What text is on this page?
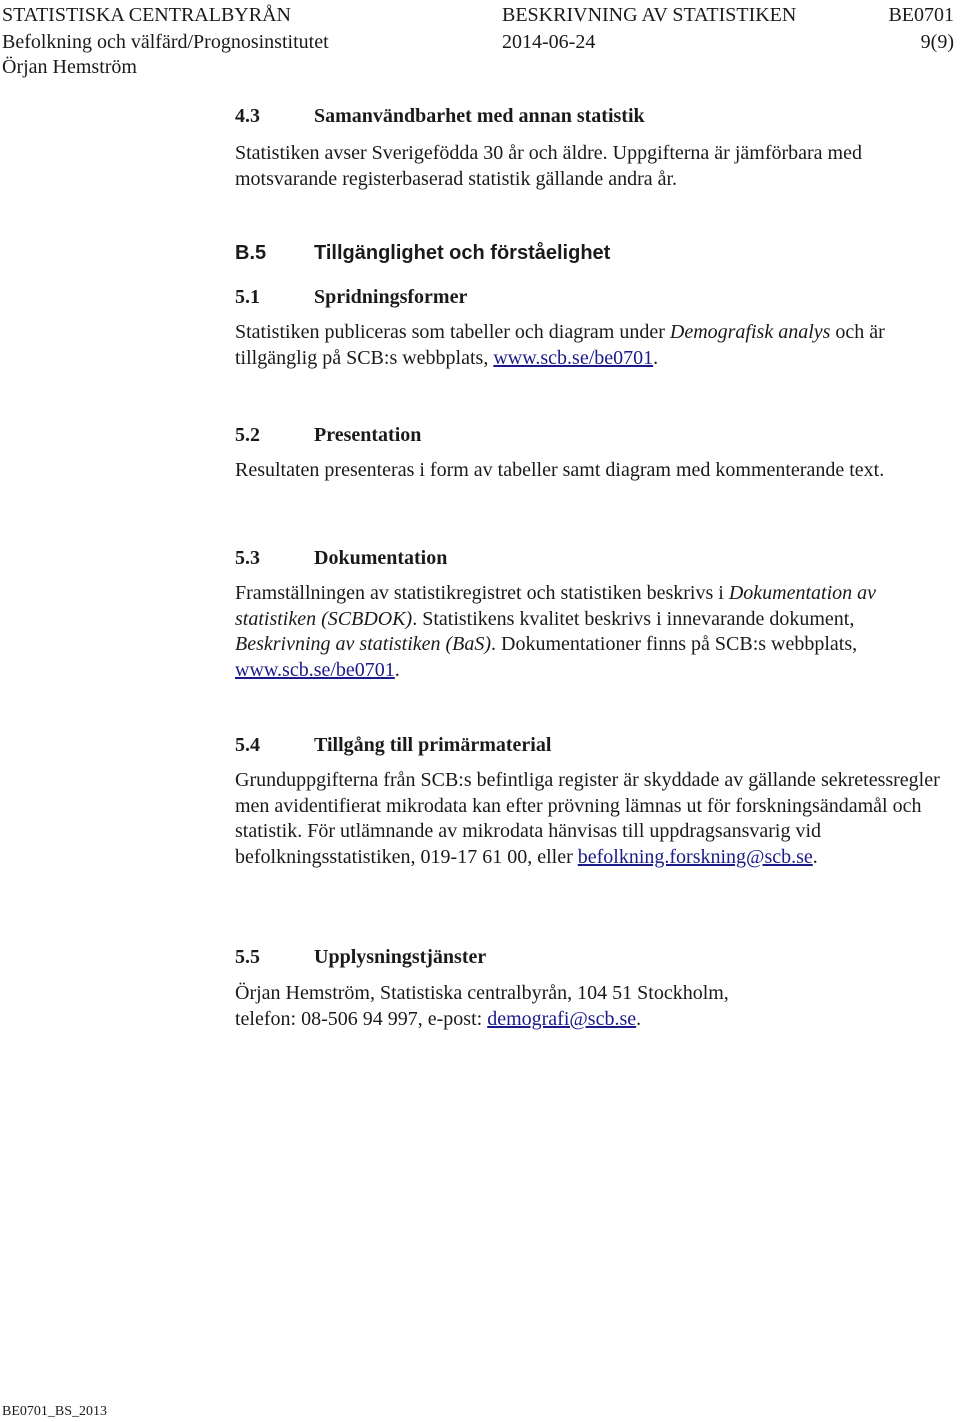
STATISTISKA CENTRALBYRÅN	BESKRIVNING AV STATISTIKEN	BE0701
Befolkning och välfärd/Prognosinstitutet	2014-06-24	9(9)
Örjan Hemström
4.3	Samanvändbarhet med annan statistik
Statistiken avser Sverigefödda 30 år och äldre. Uppgifterna är jämförbara med motsvarande registerbaserad statistik gällande andra år.
B.5 Tillgänglighet och förståelighet
5.1	Spridningsformer
Statistiken publiceras som tabeller och diagram under Demografisk analys och är tillgänglig på SCB:s webbplats, www.scb.se/be0701.
5.2	Presentation
Resultaten presenteras i form av tabeller samt diagram med kommenterande text.
5.3	Dokumentation
Framställningen av statistikregistret och statistiken beskrivs i Dokumentation av statistiken (SCBDOK). Statistikens kvalitet beskrivs i innevarande dokument, Beskrivning av statistiken (BaS). Dokumentationer finns på SCB:s webbplats, www.scb.se/be0701.
5.4	Tillgång till primärmaterial
Grunduppgifterna från SCB:s befintliga register är skyddade av gällande sekretessregler men avidentifierat mikrodata kan efter prövning lämnas ut för forskningsändamål och statistik. För utlämnande av mikrodata hänvisas till uppdragsansvarig vid befolkningsstatistiken, 019-17 61 00, eller befolkning.forskning@scb.se.
5.5	Upplysningstjänster
Örjan Hemström, Statistiska centralbyrån, 104 51 Stockholm,
telefon: 08-506 94 997, e-post: demografi@scb.se.
BE0701_BS_2013
